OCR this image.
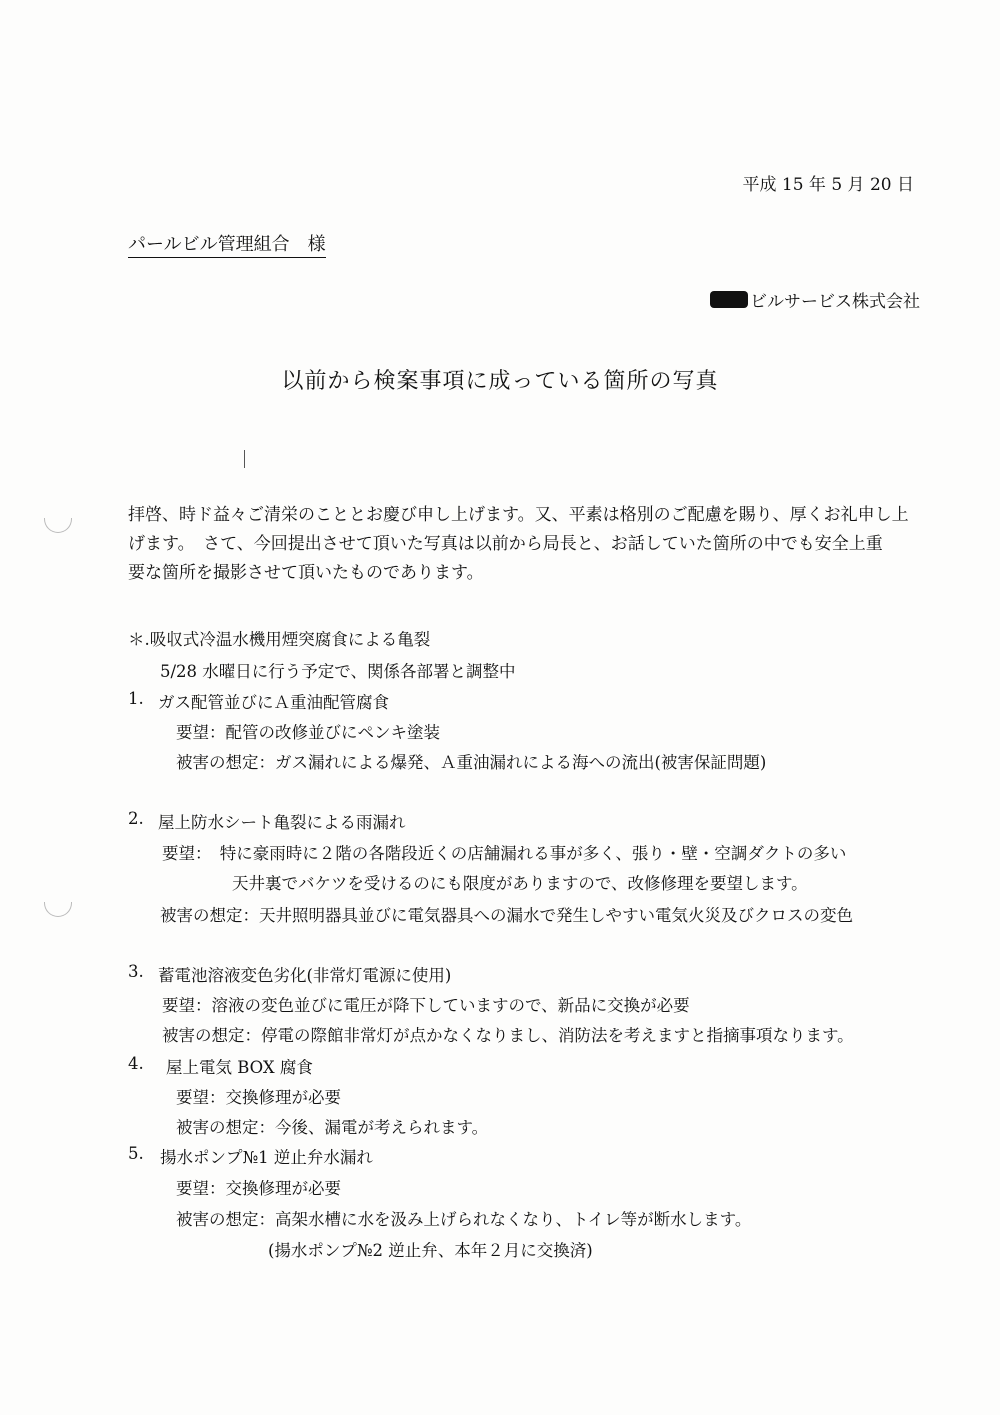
平成 15 年 5 月 20 日
パールビル管理組合　様
ビルサービス株式会社
以前から検案事項に成っている箇所の写真

拝啓、時ド益々ご清栄のこととお慶び申し上げます。又、平素は格別のご配慮を賜り、厚くお礼申し上

げます。　さて、今回提出させて頂いた写真は以前から局長と、お話していた箇所の中でも安全上重

要な箇所を撮影させて頂いたものであります。

＊.吸収式冷温水機用煙突腐食による亀裂
5/28 水曜日に行う予定で、関係各部署と調整中
1. ガス配管並びにＡ重油配管腐食
要望：配管の改修並びにペンキ塗装
被害の想定：ガス漏れによる爆発、Ａ重油漏れによる海への流出(被害保証問題)
2. 屋上防水シート亀裂による雨漏れ
要望：　特に豪雨時に２階の各階段近くの店舗漏れる事が多く、張り・壁・空調ダクトの多い
天井裏でバケツを受けるのにも限度がありますので、改修修理を要望します。
被害の想定：天井照明器具並びに電気器具への漏水で発生しやすい電気火災及びクロスの変色
3. 蓄電池溶液変色劣化(非常灯電源に使用)
要望：溶液の変色並びに電圧が降下していますので、新品に交換が必要
被害の想定：停電の際館非常灯が点かなくなりまし、消防法を考えますと指摘事項なります。
4. 屋上電気 BOX 腐食
要望：交換修理が必要
被害の想定：今後、漏電が考えられます。
5. 揚水ポンプ№1 逆止弁水漏れ
要望：交換修理が必要
被害の想定：高架水槽に水を汲み上げられなくなり、トイレ等が断水します。
(揚水ポンプ№2 逆止弁、本年２月に交換済)
